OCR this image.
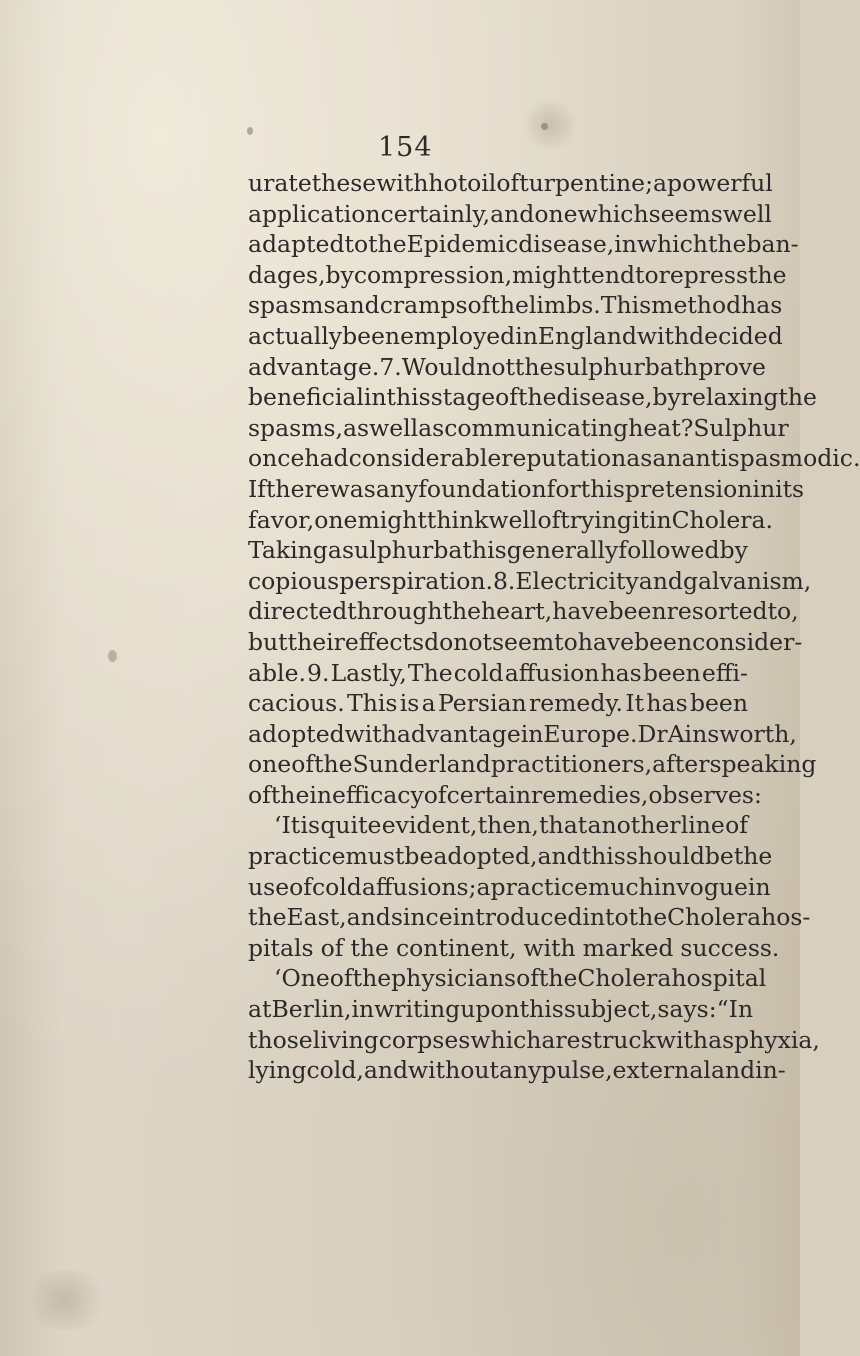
154
urate these with hot oil of turpentine; a powerful
application certainly, and one which seems well
adapted to the Epidemic disease, in which the ban-
dages, by compression, might tend to repress the
spasms and cramps of the limbs. This method has
actually been employed in England with decided
advantage. 7. Would not the sulphur bath prove
beneficial in this stage of the disease, by relaxing the
spasms, as well as communicating heat? Sulphur
once had considerable reputation as an antispasmodic.
If there was any foundation for this pretension in its
favor, one might think well of trying it in Cholera.
Taking a sulphur bath is generally followed by
copious perspiration. 8. Electricity and galvanism,
directed through the heart, have been resorted to,
but their effects do not seem to have been consider-
able. 9. Lastly, The cold affusion has been effi-
cacious. This is a Persian remedy. It has been
adopted with advantage in Europe. Dr Ainsworth,
one of the Sunderland practitioners, after speaking
of the inefficacy of certain remedies, observes:
‘It is quite evident, then, that another line of
practice must be adopted, and this should be the
use of cold affusions; a practice much in vogue in
the East, and since introduced into the Cholera hos-
pitals of the continent, with marked success.
‘One of the physicians of the Cholera hospital
at Berlin, in writing upon this subject, says: “In
those living corpses which are struck with asphyxia,
lying cold, and without any pulse, external and in-
